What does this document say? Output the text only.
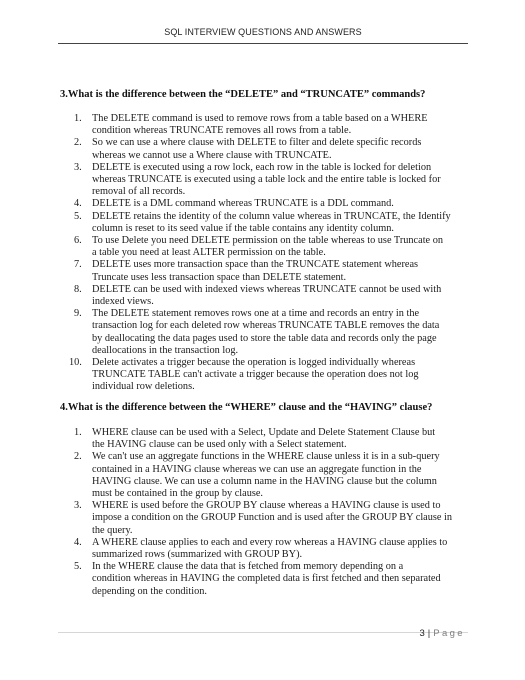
SQL INTERVIEW QUESTIONS AND ANSWERS
3.What is the difference between the “DELETE” and “TRUNCATE” commands?
1. The DELETE command is used to remove rows from a table based on a WHERE
condition whereas TRUNCATE removes all rows from a table.
2. So we can use a where clause with DELETE to filter and delete specific records
whereas we cannot use a Where clause with TRUNCATE.
3. DELETE is executed using a row lock, each row in the table is locked for deletion
whereas TRUNCATE is executed using a table lock and the entire table is locked for
removal of all records.
4. DELETE is a DML command whereas TRUNCATE is a DDL command.
5. DELETE retains the identity of the column value whereas in TRUNCATE, the Identify
column is reset to its seed value if the table contains any identity column.
6. To use Delete you need DELETE permission on the table whereas to use Truncate on
a table you need at least ALTER permission on the table.
7. DELETE uses more transaction space than the TRUNCATE statement whereas
Truncate uses less transaction space than DELETE statement.
8. DELETE can be used with indexed views whereas TRUNCATE cannot be used with
indexed views.
9. The DELETE statement removes rows one at a time and records an entry in the
transaction log for each deleted row whereas TRUNCATE TABLE removes the data
by deallocating the data pages used to store the table data and records only the page
deallocations in the transaction log.
10. Delete activates a trigger because the operation is logged individually whereas
TRUNCATE TABLE can't activate a trigger because the operation does not log
individual row deletions.
4.What is the difference between the “WHERE” clause and the “HAVING” clause?
1. WHERE clause can be used with a Select, Update and Delete Statement Clause but
the HAVING clause can be used only with a Select statement.
2. We can't use an aggregate functions in the WHERE clause unless it is in a sub-query
contained in a HAVING clause whereas we can use an aggregate function in the
HAVING clause. We can use a column name in the HAVING clause but the column
must be contained in the group by clause.
3. WHERE is used before the GROUP BY clause whereas a HAVING clause is used to
impose a condition on the GROUP Function and is used after the GROUP BY clause in
the query.
4. A WHERE clause applies to each and every row whereas a HAVING clause applies to
summarized rows (summarized with GROUP BY).
5. In the WHERE clause the data that is fetched from memory depending on a
condition whereas in HAVING the completed data is first fetched and then separated
depending on the condition.
3 | Page
